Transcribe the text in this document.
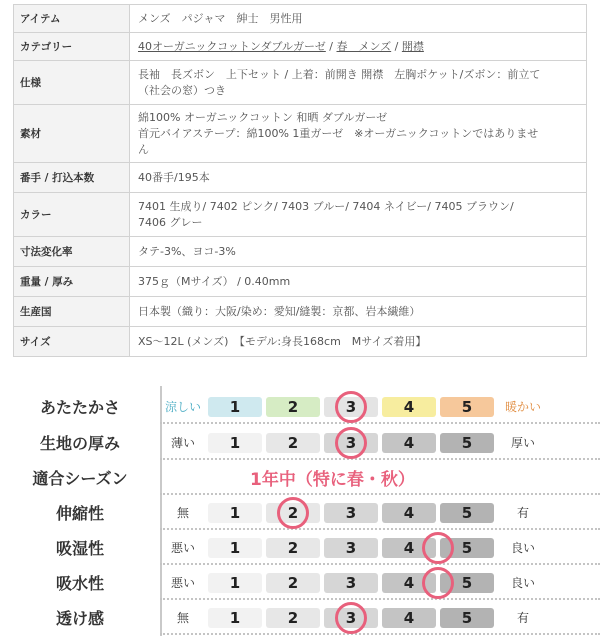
アイテム	メンズ　パジャマ　紳士　男性用

カテゴリー	40オーガニックコットンダブルガーゼ / 春　メンズ / 開襟
仕様	長袖　長ズボン　上下セット / 上着：前開き 開襟　左胸ポケット/ズボン：前立て
（社会の窓）つき

素材	綿100% オーガニックコットン 和晒 ダブルガーゼ
首元バイアステープ：綿100% 1重ガーゼ　※オーガニックコットンではありませ
ん

番手 / 打込本数	40番手/195本

カラー	7401 生成り/ 7402 ピンク/ 7403 ブルー/ 7404 ネイビー/ 7405 ブラウン/
7406 グレー

寸法変化率	タテ-3%、ヨコ-3%

重量 / 厚み	375ｇ（Mサイズ） / 0.40mm

生産国	日本製（織り：大阪/染め：愛知/縫製：京都、岩本繊維）

サイズ	XS～12L (メンズ)　【モデル:身長168cm　Mサイズ着用】
あたたかさ	涼しい	1	2	3	4	5	暖かい
生地の厚み	薄い	1	2	3	4	5	厚い
適合シーズン	1年中（特に春・秋）
伸縮性	無	1	2	3	4	5	有
吸湿性	悪い	1	2	3	4	5	良い
吸水性	悪い	1	2	3	4	5	良い
透け感	無	1	2	3	4	5	有
